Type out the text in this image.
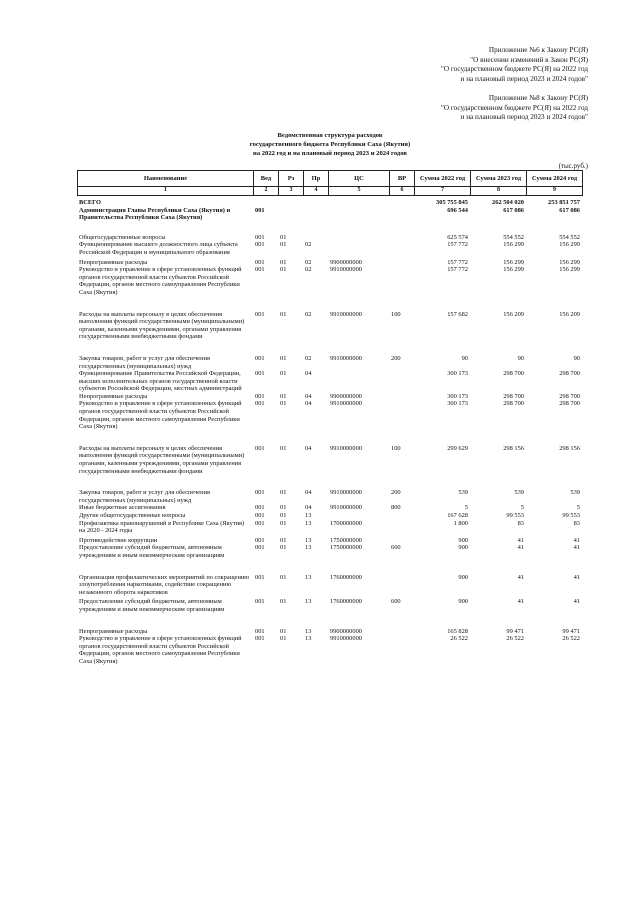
Приложение №6 к Закону РС(Я)
"О внесении изменений в Закон РС(Я)
"О государственном бюджете РС(Я) на 2022 год
и на плановый период 2023 и 2024 годов"
Приложение №8 к Закону РС(Я)
"О государственном бюджете РС(Я) на 2022 год
и на плановый период 2023 и 2024 годов"
Ведомственная структура расходов
государственного бюджета Республики Саха (Якутия)
на 2022 год и на плановый период 2023 и 2024 годов
(тыс.руб.)
Наименование	Вед	Рз	Пр	ЦС	ВР	Сумма 2022 год	Сумма 2023 год	Сумма 2024 год
1	2	3	4	5	6	7	8	9
ВСЕГО						305 755 845	262 504 020	253 851 757
Администрация Главы Республики Саха (Якутия) и Правительства Республики Саха (Якутия)	001					696 544	617 086	617 086

Общегосударственные вопросы	001	01				625 574	554 552	554 552
Функционирование высшего должностного лица субъекта Российской Федерации и муниципального образования	001	01	02			157 772	156 299	156 299

Непрограммные расходы	001	01	02	9900000000		157 772	156 299	156 299
Руководство и управление в сфере установленных функций органов государственной власти субъектов Российской Федерации, органов местного самоуправления Республики Саха (Якутия)	001	01	02	9910000000		157 772	156 299	156 299

Расходы на выплаты персоналу в целях обеспечения выполнения функций государственными (муниципальными) органами, казенными учреждениями, органами управления государственными внебюджетными фондами	001	01	02	9910000000	100	157 682	156 209	156 209

Закупка товаров, работ и услуг для обеспечения государственных (муниципальных) нужд	001	01	02	9910000000	200	90	90	90
Функционирование Правительства Российской Федерации, высших исполнительных органов государственной власти субъектов Российской Федерации, местных администраций	001	01	04			300 173	298 700	298 700
Непрограммные расходы	001	01	04	9900000000		300 173	298 700	298 700
Руководство и управление в сфере установленных функций органов государственной власти субъектов Российской Федерации, органов местного самоуправления Республики Саха (Якутия)	001	01	04	9910000000		300 173	298 700	298 700

Расходы на выплаты персоналу в целях обеспечения выполнения функций государственными (муниципальными) органами, казенными учреждениями, органами управления государственными внебюджетными фондами	001	01	04	9910000000	100	299 629	298 156	298 156

Закупка товаров, работ и услуг для обеспечения государственных (муниципальных) нужд	001	01	04	9910000000	200	539	539	539
Иные бюджетные ассигнования	001	01	04	9910000000	800	5	5	5
Другие общегосударственные вопросы	001	01	13			167 628	99 553	99 553
Профилактика правонарушений в Республике Саха (Якутия) на 2020 - 2024 годы	001	01	13	1700000000		1 800	83	83

Противодействие коррупции	001	01	13	1750000000		900	41	41
Предоставление субсидий бюджетным, автономным учреждениям и иным некоммерческим организациям	001	01	13	1750000000	600	900	41	41

Организация профилактических мероприятий по сокращению злоупотребления наркотиками, содействие сокращению незаконного оборота наркотиков	001	01	13	1760000000		900	41	41

Предоставление субсидий бюджетным, автономным учреждениям и иным некоммерческим организациям	001	01	13	1760000000	600	900	41	41

Непрограммные расходы	001	01	13	9900000000		165 828	99 471	99 471
Руководство и управление в сфере установленных функций органов государственной власти субъектов Российской Федерации, органов местного самоуправления Республики Саха (Якутия)	001	01	13	9910000000		26 522	26 522	26 522
